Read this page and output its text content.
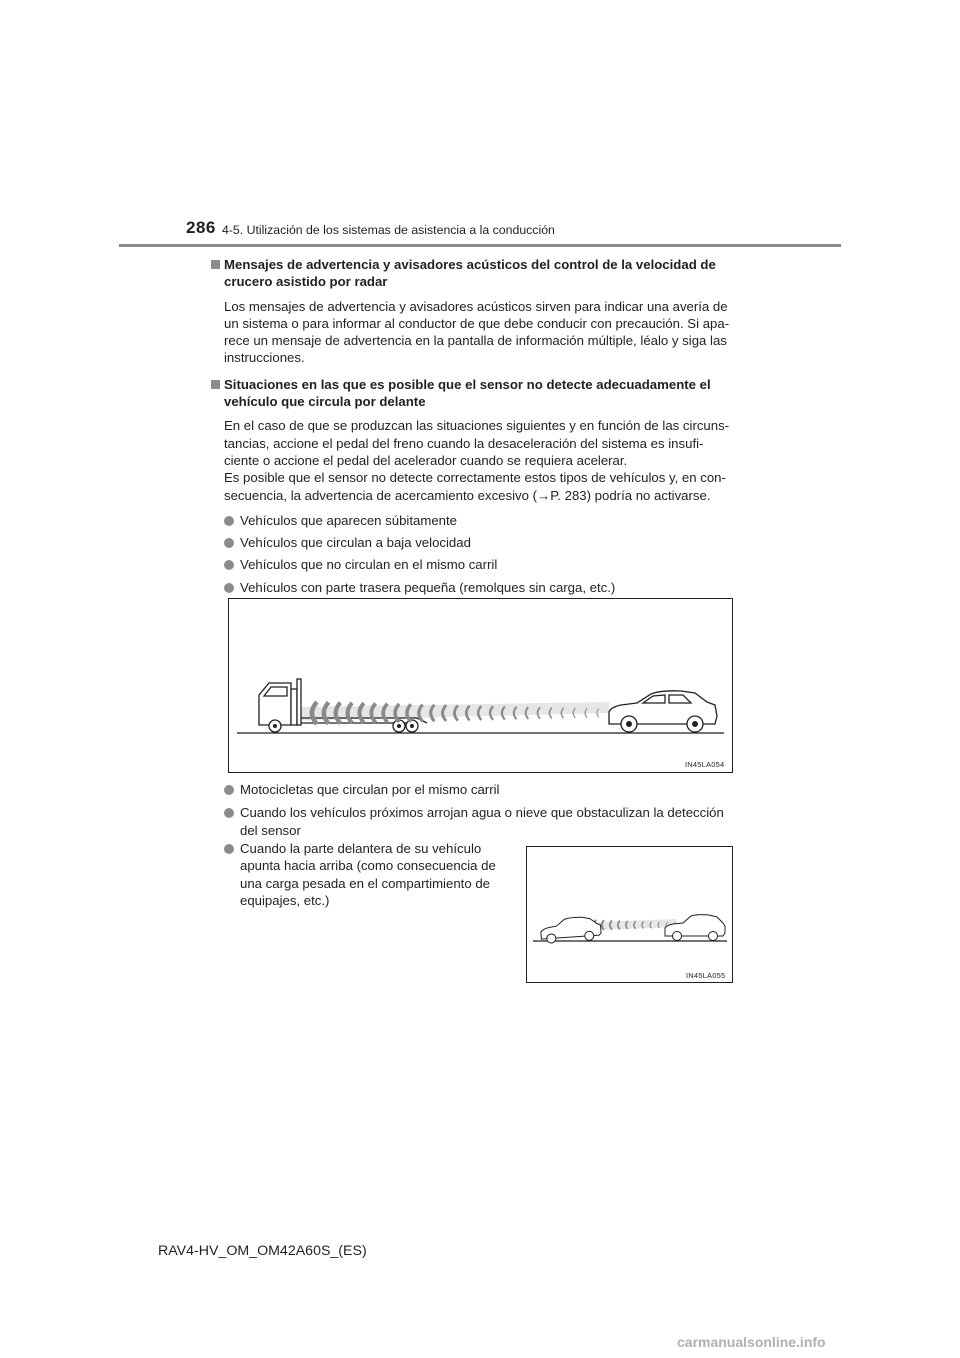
286 4-5. Utilización de los sistemas de asistencia a la conducción
Mensajes de advertencia y avisadores acústicos del control de la velocidad de
crucero asistido por radar
Los mensajes de advertencia y avisadores acústicos sirven para indicar una avería de
un sistema o para informar al conductor de que debe conducir con precaución. Si apa-
rece un mensaje de advertencia en la pantalla de información múltiple, léalo y siga las
instrucciones.
Situaciones en las que es posible que el sensor no detecte adecuadamente el
vehículo que circula por delante
En el caso de que se produzcan las situaciones siguientes y en función de las circuns-
tancias, accione el pedal del freno cuando la desaceleración del sistema es insufi-
ciente o accione el pedal del acelerador cuando se requiera acelerar.
Es posible que el sensor no detecte correctamente estos tipos de vehículos y, en con-
secuencia, la advertencia de acercamiento excesivo (→P. 283) podría no activarse.
Vehículos que aparecen súbitamente
Vehículos que circulan a baja velocidad
Vehículos que no circulan en el mismo carril
Vehículos con parte trasera pequeña (remolques sin carga, etc.)
IN45LA054
Motocicletas que circulan por el mismo carril
Cuando los vehículos próximos arrojan agua o nieve que obstaculizan la detección
del sensor
Cuando la parte delantera de su vehículo
apunta hacia arriba (como consecuencia de
una carga pesada en el compartimiento de
equipajes, etc.)
IN45LA055
RAV4-HV_OM_OM42A60S_(ES)
carmanualsonline.info
